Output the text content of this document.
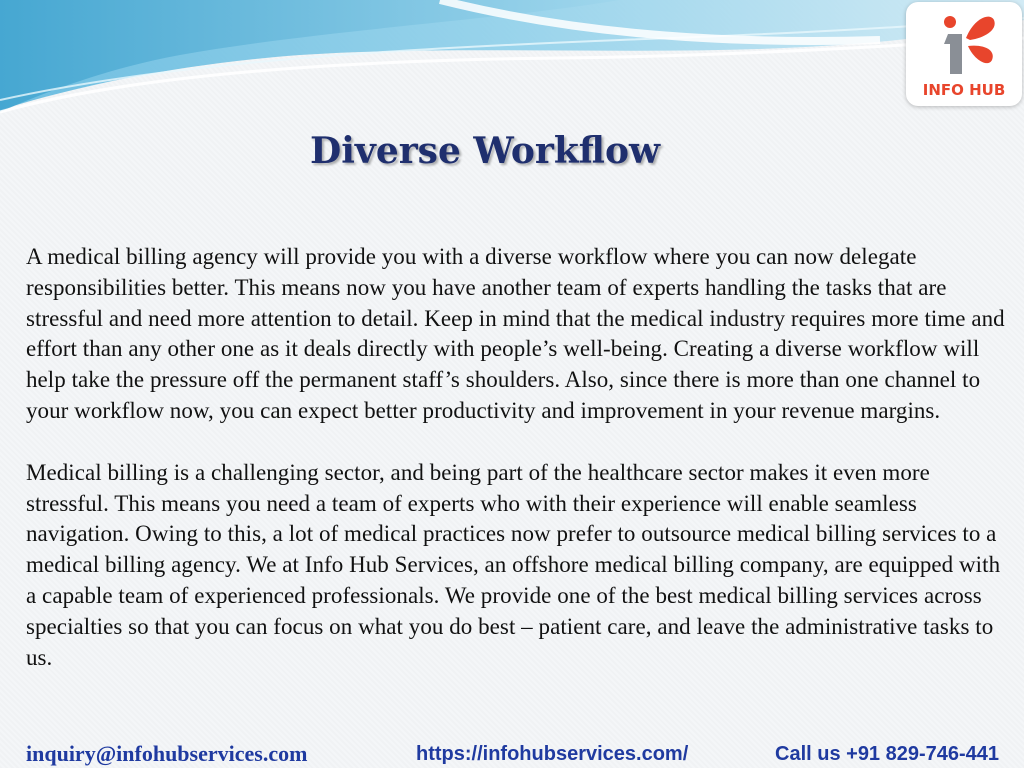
INFO HUB
Diverse Workflow

A medical billing agency will provide you with a diverse workflow where you can now delegate responsibilities better. This means now you have another team of experts handling the tasks that are stressful and need more attention to detail. Keep in mind that the medical industry requires more time and effort than any other one as it deals directly with people’s well-being. Creating a diverse workflow will help take the pressure off the permanent staff’s shoulders. Also, since there is more than one channel to your workflow now, you can expect better productivity and improvement in your revenue margins.

Medical billing is a challenging sector, and being part of the healthcare sector makes it even more stressful. This means you need a team of experts who with their experience will enable seamless navigation. Owing to this, a lot of medical practices now prefer to outsource medical billing services to a medical billing agency. We at Info Hub Services, an offshore medical billing company, are equipped with a capable team of experienced professionals. We provide one of the best medical billing services across specialties so that you can focus on what you do best – patient care, and leave the administrative tasks to us.

inquiry@infohubservices.com	https://infohubservices.com/	Call us +91 829-746-441
